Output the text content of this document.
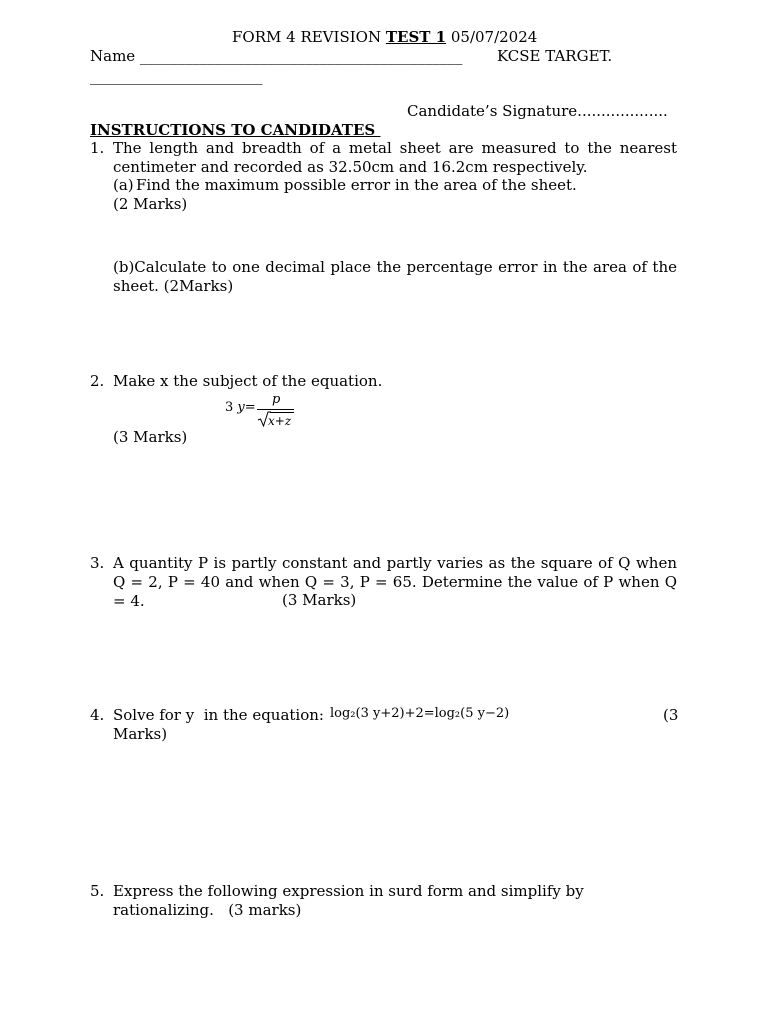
FORM 4 REVISION TEST 1 05/07/2024
Name ___________________________________________ KCSE TARGET.
_______________________
Candidate’s Signature...................
INSTRUCTIONS TO CANDIDATES
1. The length and breadth of a metal sheet are measured to the nearest centimeter and recorded as 32.50cm and 16.2cm respectively.
(a) Find the maximum possible error in the area of the sheet.
(2 Marks)
(b)Calculate to one decimal place the percentage error in the area of the sheet. (2Marks)
2. Make x the subject of the equation.
3 y=
p
x+z
(3 Marks)
3. A quantity P is partly constant and partly varies as the square of Q when Q = 2, P = 40 and when Q = 3, P = 65. Determine the value of P when Q = 4.	(3 Marks)
4. Solve for y  in the equation: log₂(3 y+2)+2=log₂(5 y−2)	(3
Marks)
5. Express the following expression in surd form and simplify by
rationalizing.   (3 marks)
